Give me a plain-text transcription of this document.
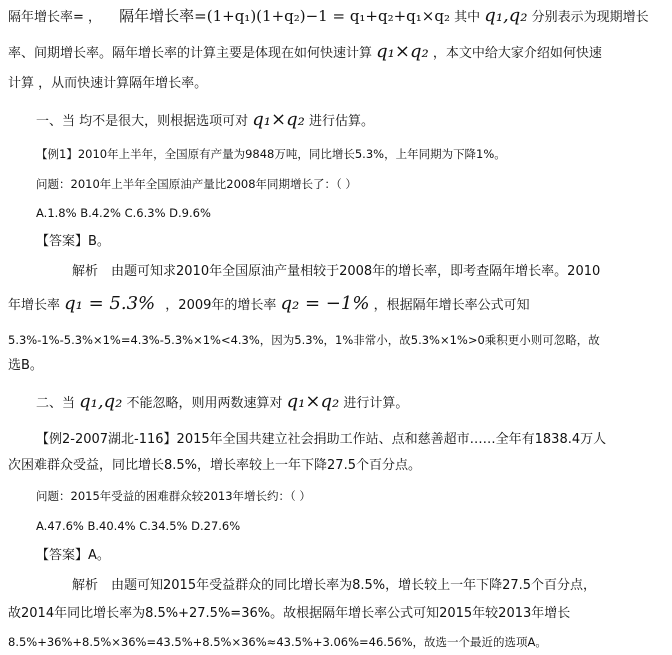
隔年增长率= ， 隔年增长率=(1+q₁)(1+q₂)−1 = q₁+q₂+q₁×q₂ 其中 q₁,q₂ 分别表示为现期增长
率、间期增长率。隔年增长率的计算主要是体现在如何快速计算 q₁×q₂ ，本文中给大家介绍如何快速
计算 ，从而快速计算隔年增长率。
一、当 均不是很大，则根据选项可对 q₁×q₂ 进行估算。
【例1】2010年上半年，全国原有产量为9848万吨，同比增长5.3%，上年同期为下降1%。
问题：2010年上半年全国原油产量比2008年同期增长了：（ ）
A.1.8% B.4.2% C.6.3% D.9.6%
【答案】B。
解析　由题可知求2010年全国原油产量相较于2008年的增长率，即考查隔年增长率。2010
年增长率 q₁ = 5.3% ，2009年的增长率 q₂ = −1% ，根据隔年增长率公式可知
5.3%-1%-5.3%×1%=4.3%-5.3%×1%<4.3%，因为5.3%，1%非常小，故5.3%×1%>0乘积更小则可忽略，故
选B。
二、当 q₁,q₂ 不能忽略，则用两数速算对 q₁×q₂ 进行计算。
【例2-2007湖北-116】2015年全国共建立社会捐助工作站、点和慈善超市……全年有1838.4万人
次困难群众受益，同比增长8.5%，增长率较上一年下降27.5个百分点。
问题：2015年受益的困难群众较2013年增长约：（ ）
A.47.6% B.40.4% C.34.5% D.27.6%
【答案】A。
解析　由题可知2015年受益群众的同比增长率为8.5%，增长较上一年下降27.5个百分点，
故2014年同比增长率为8.5%+27.5%=36%。故根据隔年增长率公式可知2015年较2013年增长
8.5%+36%+8.5%×36%=43.5%+8.5%×36%≈43.5%+3.06%=46.56%，故选一个最近的选项A。
